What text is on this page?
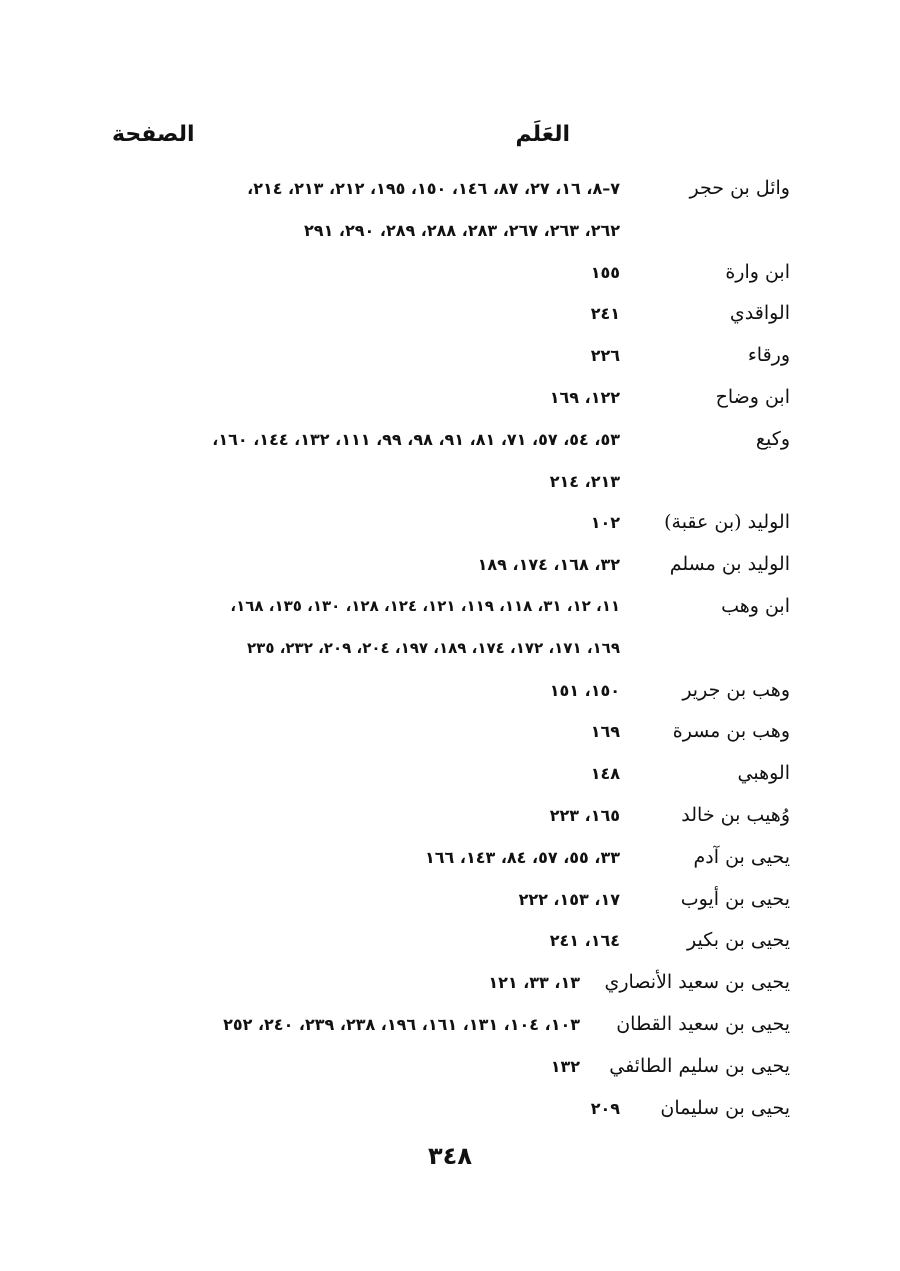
العَلَم
الصفحة
وائل بن حجر
٧–٨، ١٦، ٢٧، ٨٧، ١٤٦، ١٥٠، ١٩٥، ٢١٢، ٢١٣، ٢١٤،
٢٦٢، ٢٦٣، ٢٦٧، ٢٨٣، ٢٨٨، ٢٨٩، ٢٩٠، ٢٩١
ابن وارة
١٥٥
الواقدي
٢٤١
ورقاء
٢٢٦
ابن وضاح
١٢٢، ١٦٩
وكيع
٥٣، ٥٤، ٥٧، ٧١، ٨١، ٩١، ٩٨، ٩٩، ١١١، ١٣٢، ١٤٤، ١٦٠،
٢١٣، ٢١٤
الوليد (بن عقبة)
١٠٢
الوليد بن مسلم
٣٢، ١٦٨، ١٧٤، ١٨٩
ابن وهب
١١، ١٢، ٣١، ١١٨، ١١٩، ١٢١، ١٢٤، ١٢٨، ١٣٠، ١٣٥، ١٦٨،
١٦٩، ١٧١، ١٧٢، ١٧٤، ١٨٩، ١٩٧، ٢٠٤، ٢٠٩، ٢٣٢، ٢٣٥
وهب بن جرير
١٥٠، ١٥١
وهب بن مسرة
١٦٩
الوهبي
١٤٨
وُهيب بن خالد
١٦٥، ٢٢٣
يحيى بن آدم
٣٣، ٥٥، ٥٧، ٨٤، ١٤٣، ١٦٦
يحيى بن أيوب
١٧، ١٥٣، ٢٢٢
يحيى بن بكير
١٦٤، ٢٤١
يحيى بن سعيد الأنصاري
١٣، ٣٣، ١٢١
يحيى بن سعيد القطان
١٠٣، ١٠٤، ١٣١، ١٦١، ١٩٦، ٢٣٨، ٢٣٩، ٢٤٠، ٢٥٢
يحيى بن سليم الطائفي
١٣٢
يحيى بن سليمان
٢٠٩
٣٤٨
